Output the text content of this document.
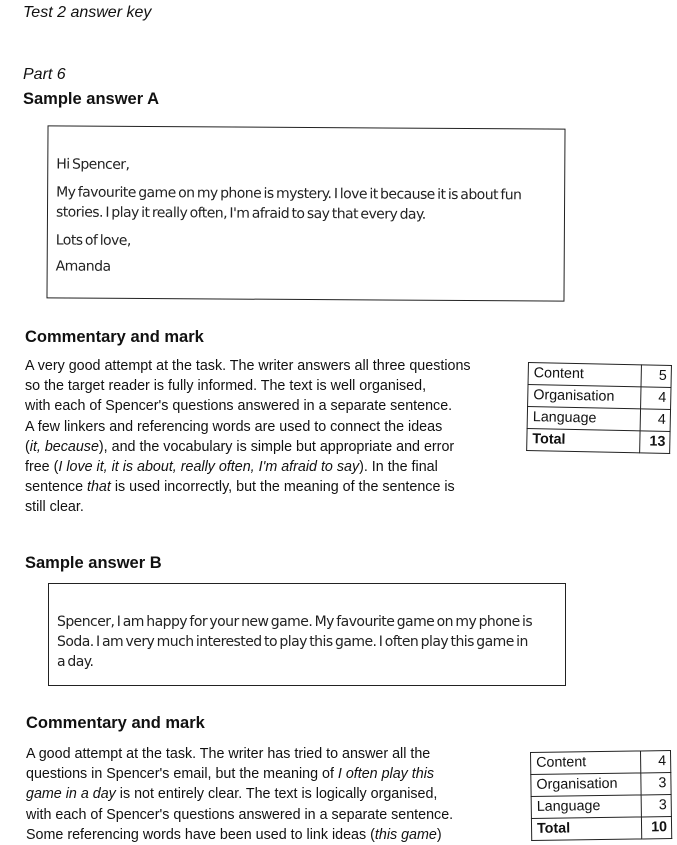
Test 2 answer key
Part 6
Sample answer A

Hi Spencer,

My favourite game on my phone is mystery. I love it because it is about fun

stories. I play it really often, I'm afraid to say that every day.

Lots of love,

Amanda

Commentary and mark

A very good attempt at the task. The writer answers all three questions

so the target reader is fully informed. The text is well organised,

with each of Spencer's questions answered in a separate sentence.

A few linkers and referencing words are used to connect the ideas

(it, because), and the vocabulary is simple but appropriate and error

free (I love it, it is about, really often, I'm afraid to say). In the final

sentence that is used incorrectly, but the meaning of the sentence is

still clear.

Content	5
Organisation	4
Language	4
Total	13
Sample answer B

Spencer, I am happy for your new game. My favourite game on my phone is

Soda. I am very much interested to play this game. I often play this game in

a day.

Commentary and mark

A good attempt at the task. The writer has tried to answer all the

questions in Spencer's email, but the meaning of I often play this

game in a day is not entirely clear. The text is logically organised,

with each of Spencer's questions answered in a separate sentence.

Some referencing words have been used to link ideas (this game)

Content	4
Organisation	3
Language	3
Total	10
